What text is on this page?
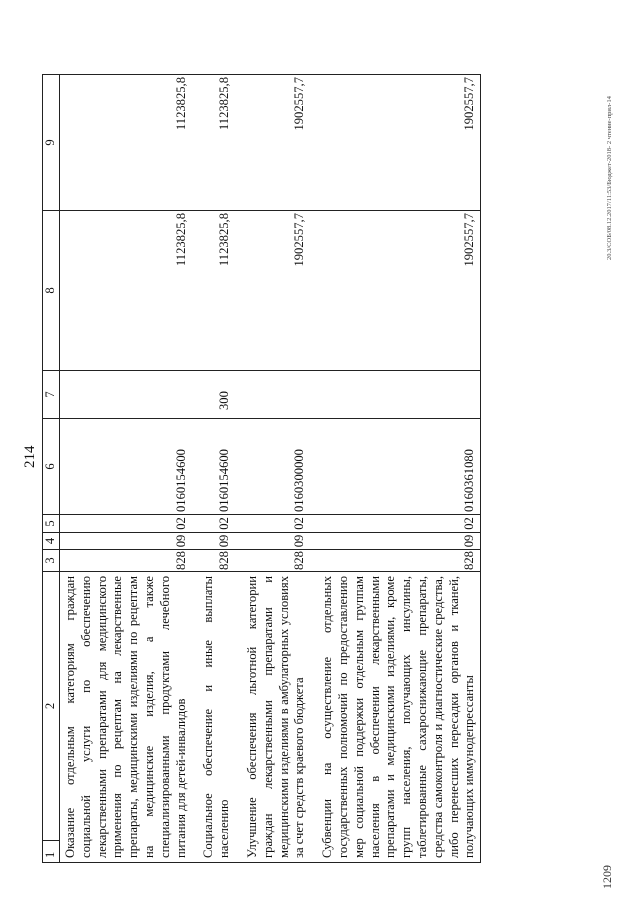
214
1	2	3	4	5	6	7	8	9
Оказание отдельным категориям граждан социальной услуги по обеспечению лекарственными препаратами для медицинского применения по рецептам на лекарственные препараты, медицинскими изделиями по рецептам на медицинские изделия, а также специализированными продуктами лечебного питания для детей-инвалидов		828	09	02	0160154600		1123825,8	1123825,8
Социальное обеспечение и иные выплаты населению		828	09	02	0160154600	300	1123825,8	1123825,8
Улучшение обеспечения льготной категории граждан лекарственными препаратами и медицинскими изделиями в амбулаторных условиях за счет средств краевого бюджета		828	09	02	0160300000		1902557,7	1902557,7
Субвенции на осуществление отдельных государственных полномочий по предоставлению мер социальной поддержки отдельным группам населения в обеспечении лекарственными препаратами и медицинскими изделиями, кроме групп населения, получающих инсулины, таблетированные сахароснижающие препараты, средства самоконтроля и диагностические средства, либо перенесших пересадки органов и тканей, получающих иммунодепрессанты		828	09	02	0160361080		1902557,7	1902557,7	20.3/СОБ/08.12.2017/11:53/Бюджет-2018- 2 чтение-прил-14
1209
